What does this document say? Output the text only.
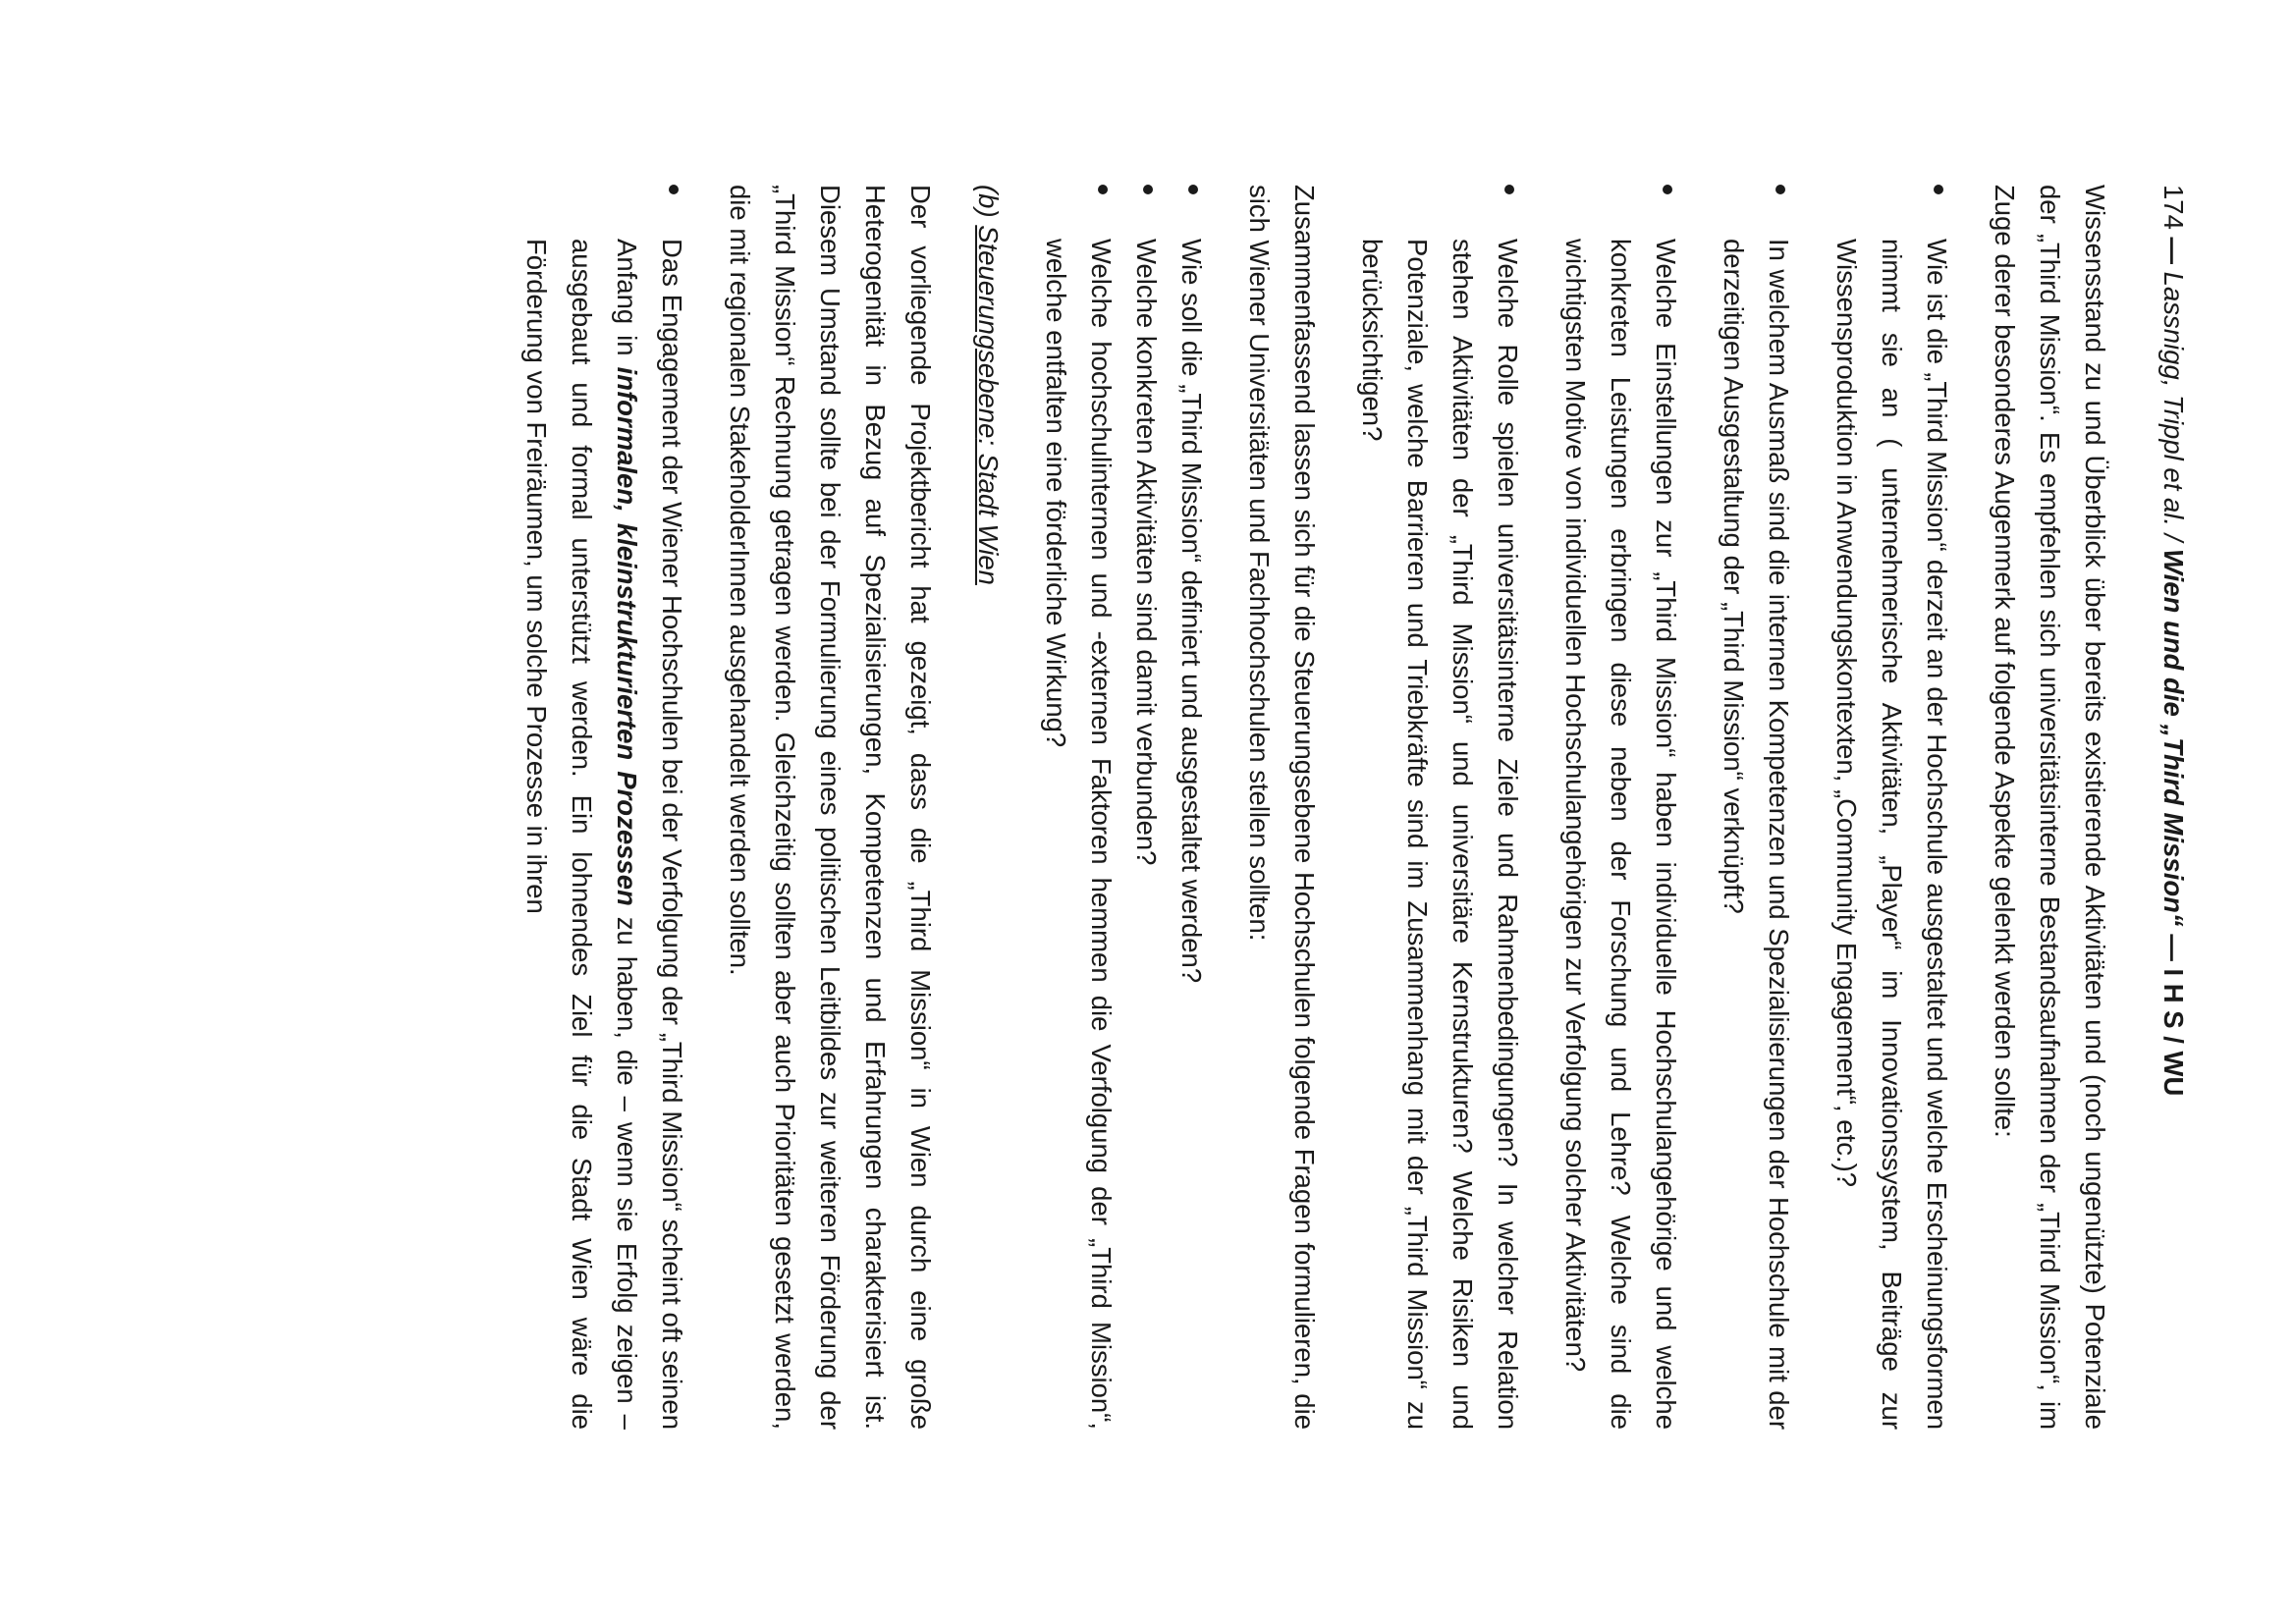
174 — Lassnigg, Trippl et al. / Wien und die „Third Mission“ — I H S / WU

Wissensstand zu und Überblick über bereits existierende Aktivitäten und (noch ungenützte) Potenziale der „Third Mission“. Es empfehlen sich universitätsinterne Bestandsaufnahmen der „Third Mission“, im Zuge derer besonderes Augenmerk auf folgende Aspekte gelenkt werden sollte:

Wie ist die „Third Mission“ derzeit an der Hochschule ausgestaltet und welche Erscheinungsformen nimmt sie an ( unternehmerische Aktivitäten, „Player“ im Innovationssystem, Beiträge zur Wissensproduktion in Anwendungskontexten, „Community Engagement“, etc.)?
In welchem Ausmaß sind die internen Kompetenzen und Spezialisierungen der Hochschule mit der derzeitigen Ausgestaltung der „Third Mission“ verknüpft?
Welche Einstellungen zur „Third Mission“ haben individuelle Hochschulangehörige und welche konkreten Leistungen erbringen diese neben der Forschung und Lehre? Welche sind die wichtigsten Motive von individuellen Hochschulangehörigen zur Verfolgung solcher Aktivitäten?
Welche Rolle spielen universitätsinterne Ziele und Rahmenbedingungen? In welcher Relation stehen Aktivitäten der „Third Mission“ und universitäre Kernstrukturen? Welche Risiken und Potenziale, welche Barrieren und Triebkräfte sind im Zusammenhang mit der „Third Mission“ zu berücksichtigen?

Zusammenfassend lassen sich für die Steuerungsebene Hochschulen folgende Fragen formulieren, die sich Wiener Universitäten und Fachhochschulen stellen sollten:

Wie soll die „Third Mission“ definiert und ausgestaltet werden?
Welche konkreten Aktivitäten sind damit verbunden?
Welche hochschulinternen und -externen Faktoren hemmen die Verfolgung der „Third Mission“, welche entfalten eine förderliche Wirkung?
(b) Steuerungsebene: Stadt Wien

Der vorliegende Projektbericht hat gezeigt, dass die „Third Mission“ in Wien durch eine große Heterogenität in Bezug auf Spezialisierungen, Kompetenzen und Erfahrungen charakterisiert ist. Diesem Umstand sollte bei der Formulierung eines politischen Leitbildes zur weiteren Förderung der „Third Mission“ Rechnung getragen werden. Gleichzeitig sollten aber auch Prioritäten gesetzt werden, die mit regionalen StakeholderInnen ausgehandelt werden sollten.

Das Engagement der Wiener Hochschulen bei der Verfolgung der „Third Mission“ scheint oft seinen Anfang in informalen, kleinstrukturierten Prozessen zu haben, die – wenn sie Erfolg zeigen – ausgebaut und formal unterstützt werden. Ein lohnendes Ziel für die Stadt Wien wäre die Förderung von Freiräumen, um solche Prozesse in ihren
